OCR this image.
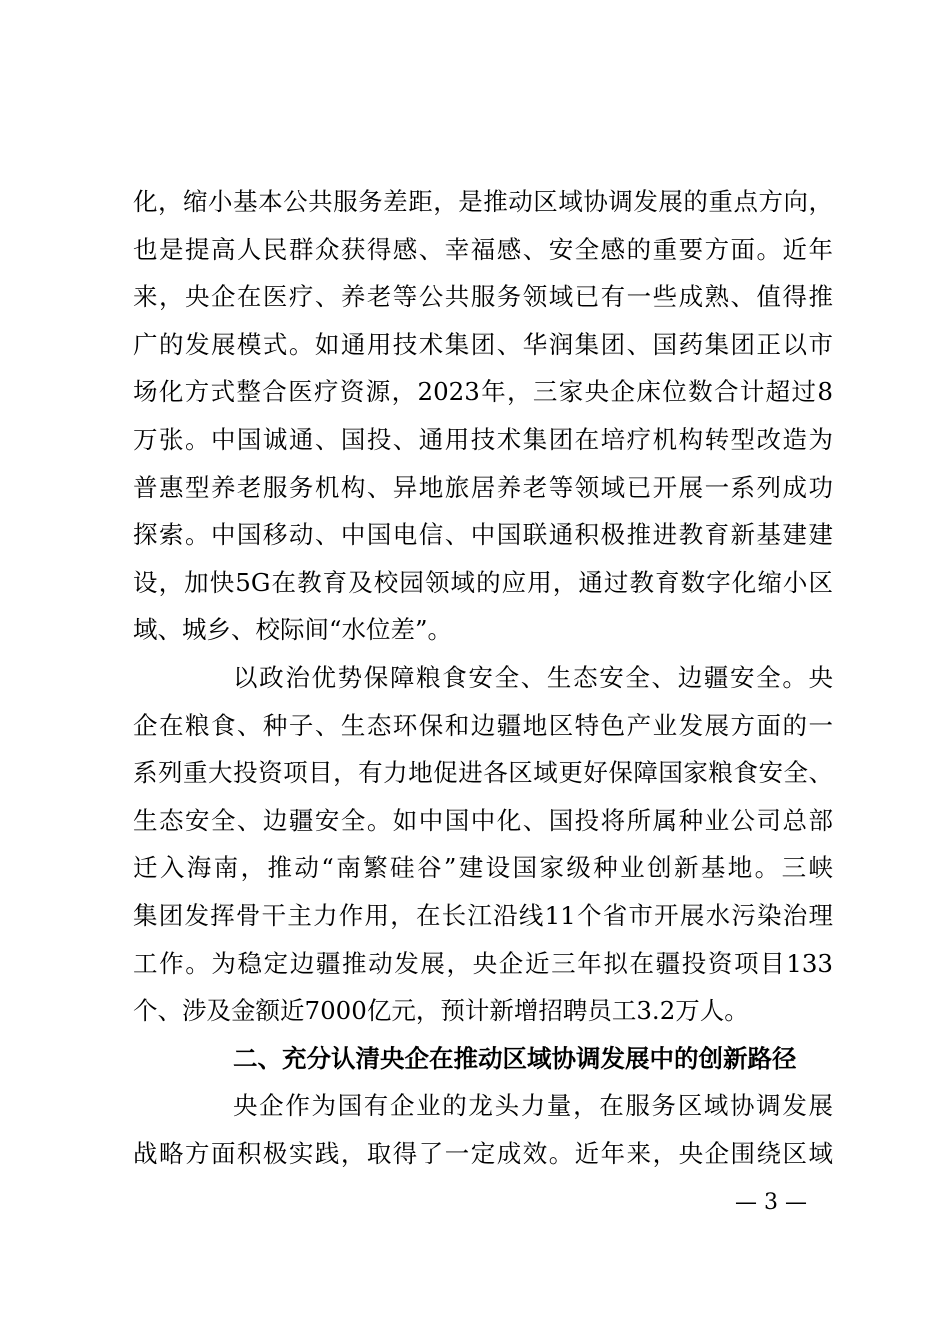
化，缩小基本公共服务差距，是推动区域协调发展的重点方向，
也是提高人民群众获得感、幸福感、安全感的重要方面。近年
来，央企在医疗、养老等公共服务领域已有一些成熟、值得推
广的发展模式。如通用技术集团、华润集团、国药集团正以市
场化方式整合医疗资源，2023年，三家央企床位数合计超过8
万张。中国诚通、国投、通用技术集团在培疗机构转型改造为
普惠型养老服务机构、异地旅居养老等领域已开展一系列成功
探索。中国移动、中国电信、中国联通积极推进教育新基建建
设，加快5G在教育及校园领域的应用，通过教育数字化缩小区
域、城乡、校际间“水位差”。
以政治优势保障粮食安全、生态安全、边疆安全。央
企在粮食、种子、生态环保和边疆地区特色产业发展方面的一
系列重大投资项目，有力地促进各区域更好保障国家粮食安全、
生态安全、边疆安全。如中国中化、国投将所属种业公司总部
迁入海南，推动“南繁硅谷”建设国家级种业创新基地。三峡
集团发挥骨干主力作用，在长江沿线11个省市开展水污染治理
工作。为稳定边疆推动发展，央企近三年拟在疆投资项目133
个、涉及金额近7000亿元，预计新增招聘员工3.2万人。
二、充分认清央企在推动区域协调发展中的创新路径
央企作为国有企业的龙头力量，在服务区域协调发展
战略方面积极实践，取得了一定成效。近年来，央企围绕区域
— 3 —
